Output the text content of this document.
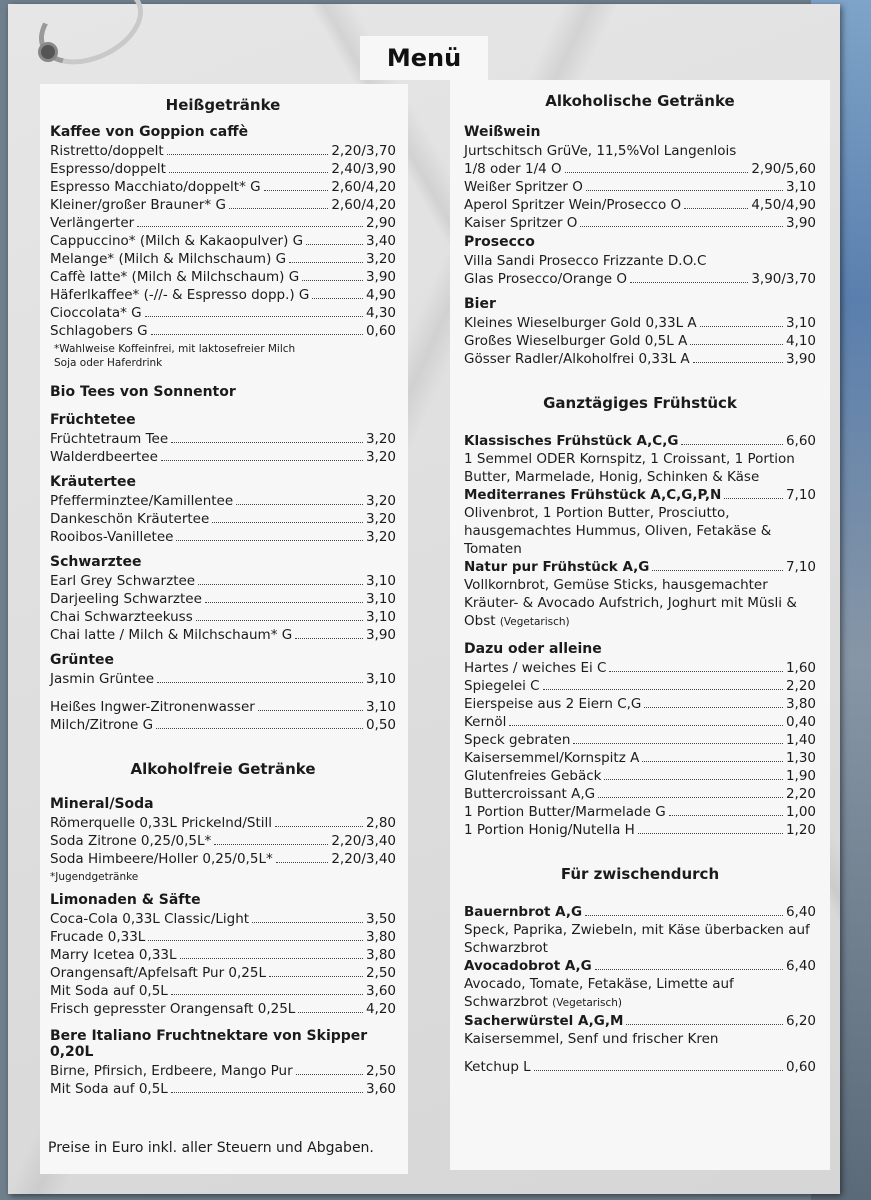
Menü
Heißgetränke
Kaffee von Goppion caffè
Ristretto/doppelt	2,20/3,70
Espresso/doppelt	2,40/3,90
Espresso Macchiato/doppelt* G	2,60/4,20
Kleiner/großer Brauner* G	2,60/4,20
Verlängerter	2,90
Cappuccino* (Milch & Kakaopulver) G	3,40
Melange* (Milch & Milchschaum) G	3,20
Caffè latte* (Milch & Milchschaum) G	3,90
Häferlkaffee* (-//- & Espresso dopp.) G	4,90
Cioccolata* G	4,30
Schlagobers G	0,60
*Wahlweise Koffeinfrei, mit laktosefreier Milch
Soja oder Haferdrink
Bio Tees von Sonnentor
Früchtetee
Früchtetraum Tee	3,20
Walderdbeertee	3,20
Kräutertee
Pfefferminztee/Kamillentee	3,20
Dankeschön Kräutertee	3,20
Rooibos-Vanilletee	3,20
Schwarztee
Earl Grey Schwarztee	3,10
Darjeeling Schwarztee	3,10
Chai Schwarzteekuss	3,10
Chai latte / Milch & Milchschaum* G	3,90
Grüntee
Jasmin Grüntee	3,10
Heißes Ingwer-Zitronenwasser	3,10
Milch/Zitrone G	0,50
Alkoholfreie Getränke
Mineral/Soda
Römerquelle 0,33L Prickelnd/Still	2,80
Soda Zitrone 0,25/0,5L*	2,20/3,40
Soda Himbeere/Holler 0,25/0,5L*	2,20/3,40
*Jugendgetränke
Limonaden & Säfte
Coca-Cola 0,33L Classic/Light	3,50
Frucade 0,33L	3,80
Marry Icetea 0,33L	3,80
Orangensaft/Apfelsaft Pur 0,25L	2,50
Mit Soda auf 0,5L	3,60
Frisch gepresster Orangensaft 0,25L	4,20
Bere Italiano Fruchtnektare von Skipper 0,20L
Birne, Pfirsich, Erdbeere, Mango Pur	2,50
Mit Soda auf 0,5L	3,60
Alkoholische Getränke
Weißwein
Jurtschitsch GrüVe, 11,5%Vol Langenlois
1/8 oder 1/4 O	2,90/5,60
Weißer Spritzer O	3,10
Aperol Spritzer Wein/Prosecco O	4,50/4,90
Kaiser Spritzer O	3,90
Prosecco
Villa Sandi Prosecco Frizzante D.O.C
Glas Prosecco/Orange O	3,90/3,70
Bier
Kleines Wieselburger Gold 0,33L A	3,10
Großes Wieselburger Gold 0,5L A	4,10
Gösser Radler/Alkoholfrei 0,33L A	3,90
Ganztägiges Frühstück
Klassisches Frühstück A,C,G	6,60
1 Semmel ODER Kornspitz, 1 Croissant, 1 Portion Butter, Marmelade, Honig, Schinken & Käse
Mediterranes Frühstück A,C,G,P,N	7,10
Olivenbrot, 1 Portion Butter, Prosciutto, hausgemachtes Hummus, Oliven, Fetakäse & Tomaten
Natur pur Frühstück A,G	7,10
Vollkornbrot, Gemüse Sticks, hausgemachter Kräuter- & Avocado Aufstrich, Joghurt mit Müsli & Obst (Vegetarisch)
Dazu oder alleine
Hartes / weiches Ei C	1,60
Spiegelei C	2,20
Eierspeise aus 2 Eiern C,G	3,80
Kernöl	0,40
Speck gebraten	1,40
Kaisersemmel/Kornspitz A	1,30
Glutenfreies Gebäck	1,90
Buttercroissant A,G	2,20
1 Portion Butter/Marmelade G	1,00
1 Portion Honig/Nutella H	1,20
Für zwischendurch
Bauernbrot A,G	6,40
Speck, Paprika, Zwiebeln, mit Käse überbacken auf Schwarzbrot
Avocadobrot A,G	6,40
Avocado, Tomate, Fetakäse, Limette auf Schwarzbrot (Vegetarisch)
Sacherwürstel A,G,M	6,20
Kaisersemmel, Senf und frischer Kren
Ketchup L	0,60
Preise in Euro inkl. aller Steuern und Abgaben.
